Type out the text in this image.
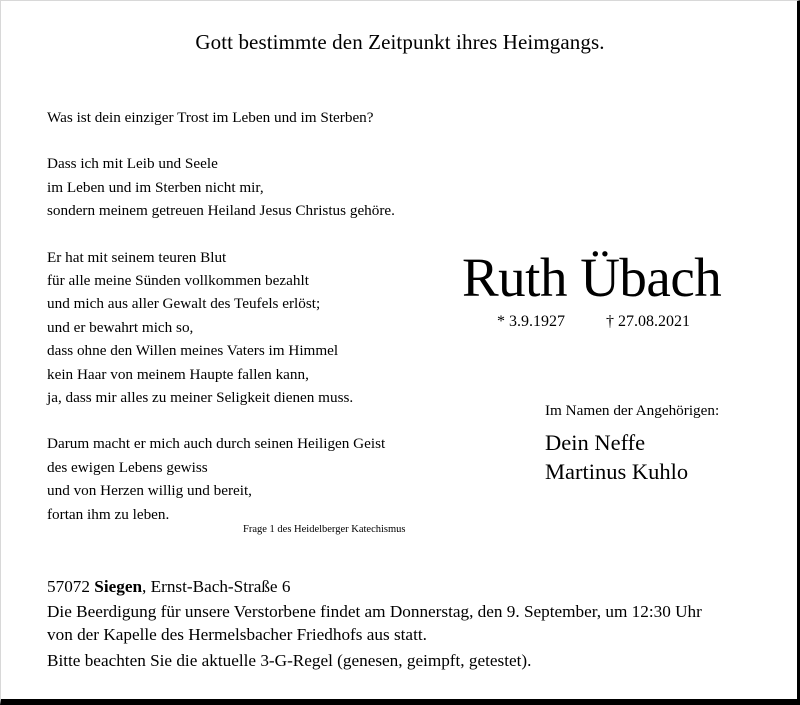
Gott bestimmte den Zeitpunkt ihres Heimgangs.

Was ist dein einziger Trost im Leben und im Sterben?

Dass ich mit Leib und Seele

im Leben und im Sterben nicht mir,

sondern meinem getreuen Heiland Jesus Christus gehöre.

Er hat mit seinem teuren Blut

für alle meine Sünden vollkommen bezahlt

und mich aus aller Gewalt des Teufels erlöst;

und er bewahrt mich so,

dass ohne den Willen meines Vaters im Himmel

kein Haar von meinem Haupte fallen kann,

ja, dass mir alles zu meiner Seligkeit dienen muss.

Darum macht er mich auch durch seinen Heiligen Geist

des ewigen Lebens gewiss

und von Herzen willig und bereit,

fortan ihm zu leben.

Frage 1 des Heidelberger Katechismus
Ruth Übach
* 3.9.1927	† 27.08.2021

Im Namen der Angehörigen:

Dein Neffe

Martinus Kuhlo

57072 Siegen, Ernst-Bach-Straße 6

Die Beerdigung für unsere Verstorbene findet am Donnerstag, den 9. September, um 12:30 Uhr

von der Kapelle des Hermelsbacher Friedhofs aus statt.

Bitte beachten Sie die aktuelle 3-G-Regel (genesen, geimpft, getestet).
